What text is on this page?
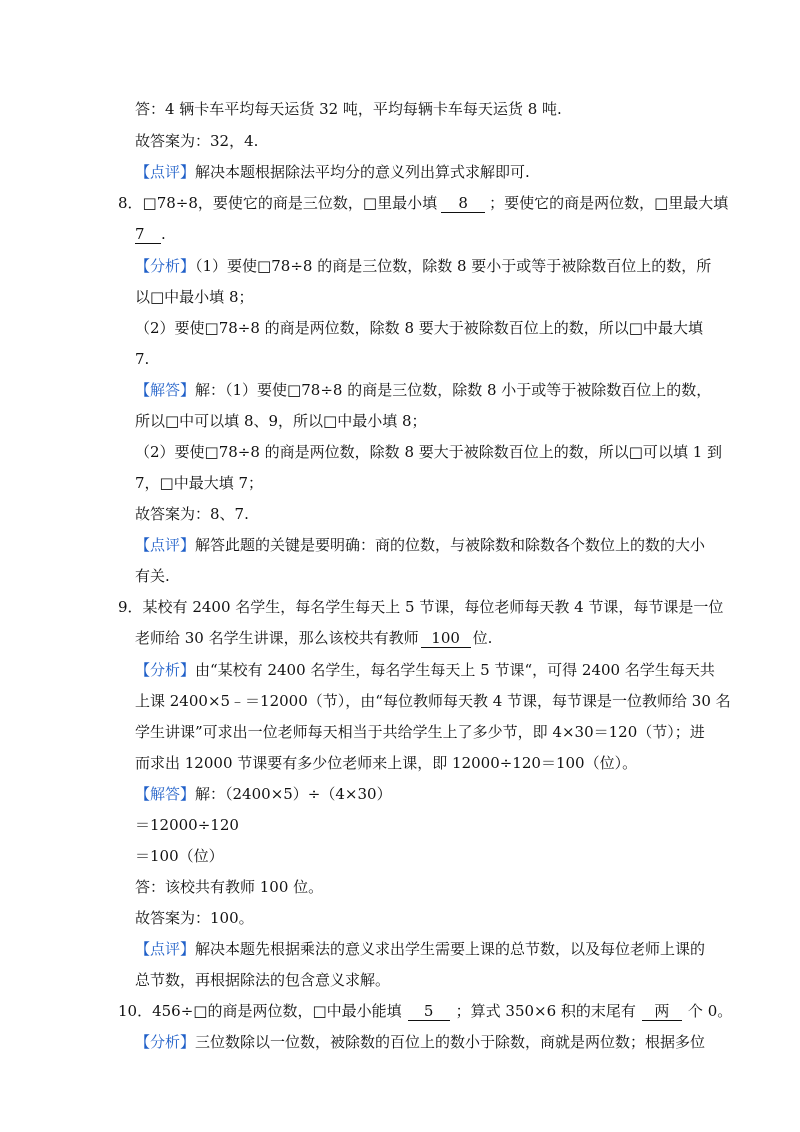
答：4 辆卡车平均每天运货 32 吨，平均每辆卡车每天运货 8 吨.
故答案为：32，4.
【点评】解决本题根据除法平均分的意义列出算式求解即可.
8．□78÷8，要使它的商是三位数，□里最小填 8 ；要使它的商是两位数，□里最大填
7 .
【分析】（1）要使□78÷8 的商是三位数，除数 8 要小于或等于被除数百位上的数，所
以□中最小填 8；
（2）要使□78÷8 的商是两位数，除数 8 要大于被除数百位上的数，所以□中最大填
7.
【解答】解：（1）要使□78÷8 的商是三位数，除数 8 小于或等于被除数百位上的数，
所以□中可以填 8、9，所以□中最小填 8；
（2）要使□78÷8 的商是两位数，除数 8 要大于被除数百位上的数，所以□可以填 1 到
7，□中最大填 7；
故答案为：8、7.
【点评】解答此题的关键是要明确：商的位数，与被除数和除数各个数位上的数的大小
有关.
9．某校有 2400 名学生，每名学生每天上 5 节课，每位老师每天教 4 节课，每节课是一位
老师给 30 名学生讲课，那么该校共有教师 100 位.
【分析】由“某校有 2400 名学生，每名学生每天上 5 节课“，可得 2400 名学生每天共
上课 2400×5﹣＝12000（节），由“每位教师每天教 4 节课，每节课是一位教师给 30 名
学生讲课”可求出一位老师每天相当于共给学生上了多少节，即 4×30＝120（节）；进
而求出 12000 节课要有多少位老师来上课，即 12000÷120＝100（位）。
【解答】解：（2400×5）÷（4×30）
＝12000÷120
＝100（位）
答：该校共有教师 100 位。
故答案为：100。
【点评】解决本题先根据乘法的意义求出学生需要上课的总节数，以及每位老师上课的
总节数，再根据除法的包含意义求解。
10．456÷□的商是两位数，□中最小能填 5 ；算式 350×6 积的末尾有 两 个 0。
【分析】三位数除以一位数，被除数的百位上的数小于除数，商就是两位数；根据多位
